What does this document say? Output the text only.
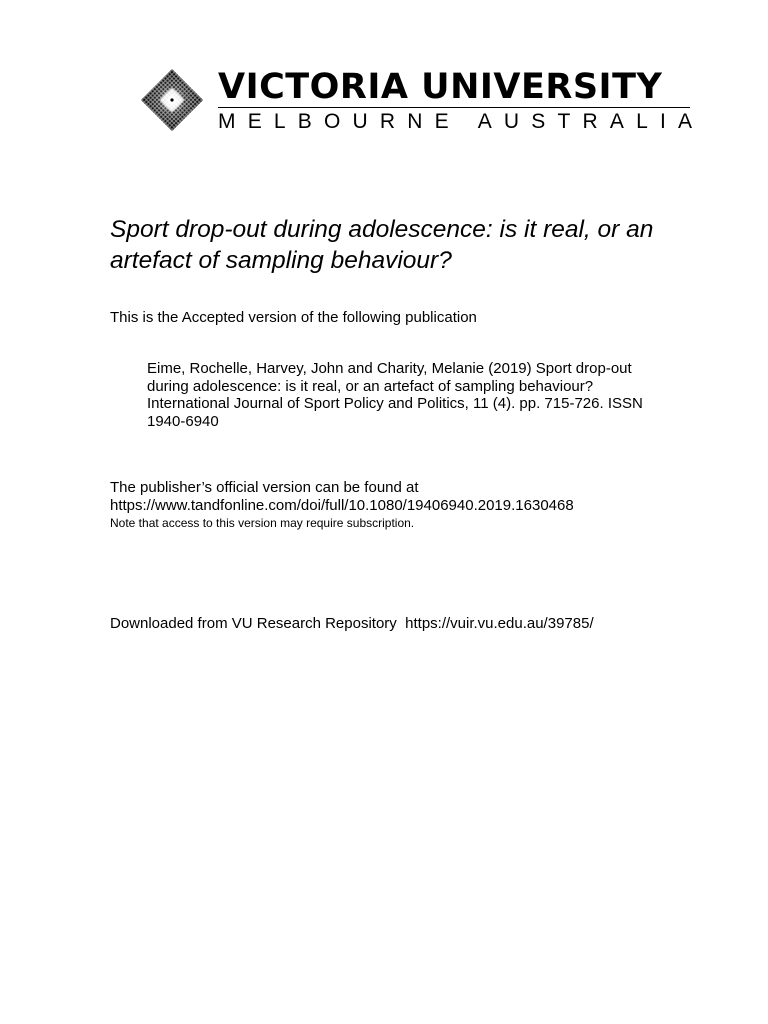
VICTORIA UNIVERSITY
MELBOURNE AUSTRALIA
Sport drop-out during adolescence: is it real, or an artefact of sampling behaviour?

This is the Accepted version of the following publication

Eime, Rochelle, Harvey, John and Charity, Melanie (2019) Sport drop-out during adolescence: is it real, or an artefact of sampling behaviour? International Journal of Sport Policy and Politics, 11 (4). pp. 715-726. ISSN 1940-6940

The publisher’s official version can be found at

https://www.tandfonline.com/doi/full/10.1080/19406940.2019.1630468

Note that access to this version may require subscription.

Downloaded from VU Research Repository https://vuir.vu.edu.au/39785/
